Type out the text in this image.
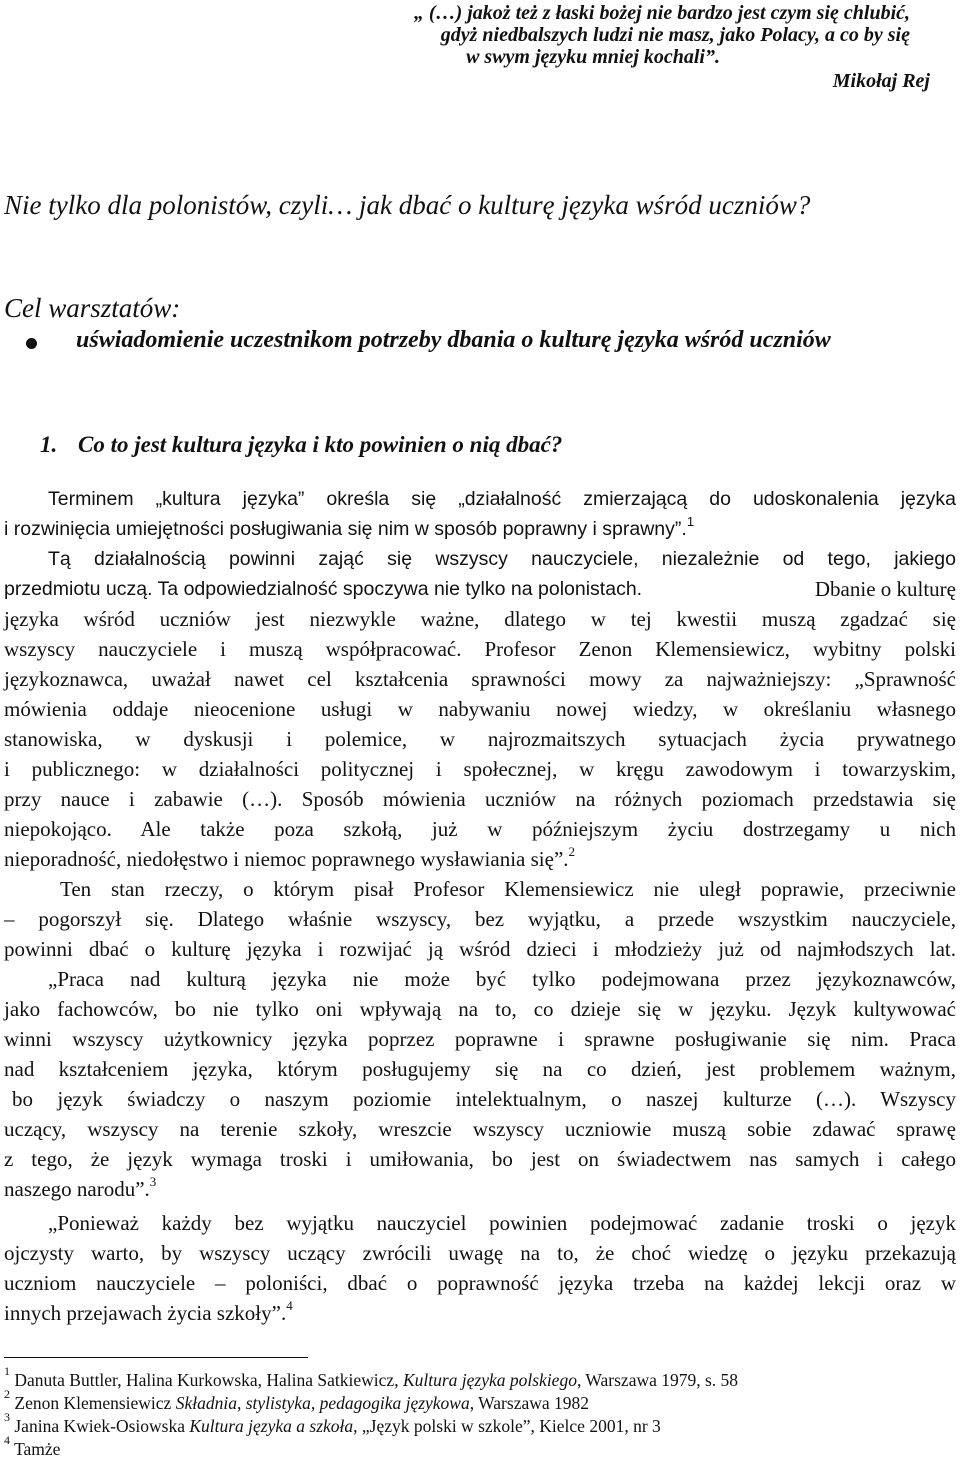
„ (…) jakoż też z łaski bożej nie bardzo jest czym się chlubić,
gdyż niedbalszych ludzi nie masz, jako Polacy, a co by się
w swym języku mniej kochali”.
Mikołaj Rej
Nie tylko dla polonistów, czyli… jak dbać o kulturę języka wśród uczniów?
Cel warsztatów:
uświadomienie uczestnikom potrzeby dbania o kulturę języka wśród uczniów
1. Co to jest kultura języka i kto powinien o nią dbać?
Terminem „kultura języka” określa się „działalność zmierzającą do udoskonalenia języka
i rozwinięcia umiejętności posługiwania się nim w sposób poprawny i sprawny”.$^1$
Tą działalnością powinni zająć się wszyscy nauczyciele, niezależnie od tego, jakiego
przedmiotu uczą. Ta odpowiedzialność spoczywa nie tylko na polonistach.	Dbanie o kulturę
języka wśród uczniów jest niezwykle ważne, dlatego w tej kwestii muszą zgadzać się
wszyscy nauczyciele i muszą współpracować. Profesor Zenon Klemensiewicz, wybitny polski
językoznawca, uważał nawet cel kształcenia sprawności mowy za najważniejszy: „Sprawność
mówienia oddaje nieocenione usługi w nabywaniu nowej wiedzy, w określaniu własnego
stanowiska, w dyskusji i polemice, w najrozmaitszych sytuacjach życia prywatnego
i publicznego: w działalności politycznej i społecznej, w kręgu zawodowym i towarzyskim,
przy nauce i zabawie (…). Sposób mówienia uczniów na różnych poziomach przedstawia się
niepokojąco. Ale także poza szkołą, już w późniejszym życiu dostrzegamy u nich
nieporadność, niedołęstwo i niemoc poprawnego wysławiania się”.$^2$
Ten stan rzeczy, o którym pisał Profesor Klemensiewicz nie uległ poprawie, przeciwnie
– pogorszył się. Dlatego właśnie wszyscy, bez wyjątku, a przede wszystkim nauczyciele,
powinni dbać o kulturę języka i rozwijać ją wśród dzieci i młodzieży już od najmłodszych lat.
„Praca nad kulturą języka nie może być tylko podejmowana przez językoznawców,
jako fachowców, bo nie tylko oni wpływają na to, co dzieje się w języku. Język kultywować
winni wszyscy użytkownicy języka poprzez poprawne i sprawne posługiwanie się nim. Praca
nad kształceniem języka, którym posługujemy się na co dzień, jest problemem ważnym,
bo język świadczy o naszym poziomie intelektualnym, o naszej kulturze (…). Wszyscy
uczący, wszyscy na terenie szkoły, wreszcie wszyscy uczniowie muszą sobie zdawać sprawę
z tego, że język wymaga troski i umiłowania, bo jest on świadectwem nas samych i całego
naszego narodu”.$^3$
„Ponieważ każdy bez wyjątku nauczyciel powinien podejmować zadanie troski o język
ojczysty warto, by wszyscy uczący zwrócili uwagę na to, że choć wiedzę o języku przekazują
uczniom nauczyciele – poloniści, dbać o poprawność języka trzeba na każdej lekcji oraz w
innych przejawach życia szkoły”.$^4$
$^1$ Danuta Buttler, Halina Kurkowska, Halina Satkiewicz, Kultura języka polskiego, Warszawa 1979, s. 58
$^2$ Zenon Klemensiewicz Składnia, stylistyka, pedagogika językowa, Warszawa 1982
$^3$ Janina Kwiek-Osiowska Kultura języka a szkoła, „Język polski w szkole”, Kielce 2001, nr 3
$^4$ Tamże
